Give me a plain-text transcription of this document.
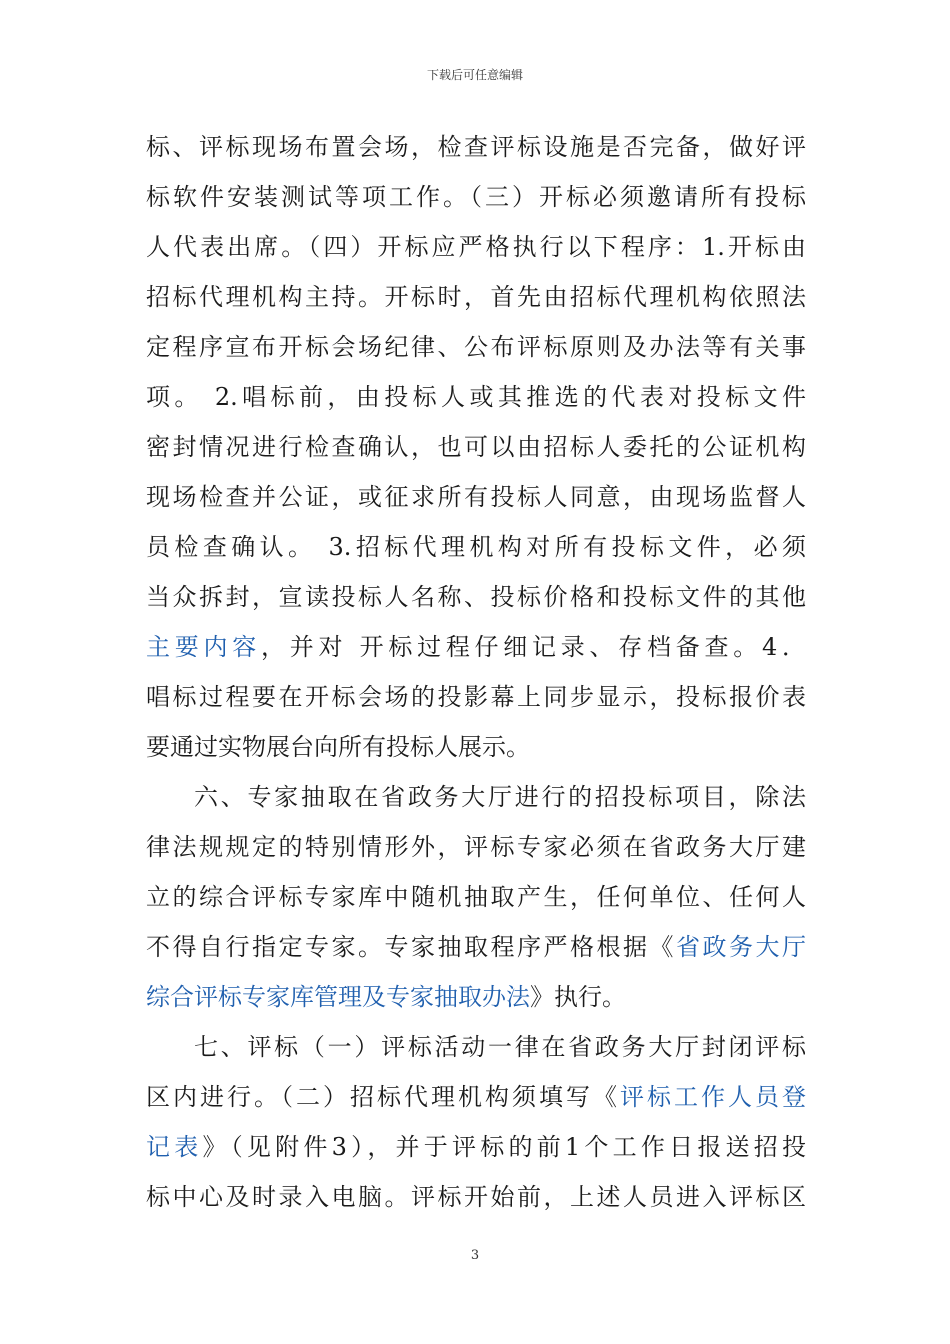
下载后可任意编辑
标、评标现场布置会场，检查评标设施是否完备，做好评
标软件安装测试等项工作。（三）开标必须邀请所有投标
人代表出席。（四）开标应严格执行以下程序：1.开标由
招标代理机构主持。开标时，首先由招标代理机构依照法
定程序宣布开标会场纪律、公布评标原则及办法等有关事
项。 2.唱标前，由投标人或其推选的代表对投标文件
密封情况进行检查确认，也可以由招标人委托的公证机构
现场检查并公证，或征求所有投标人同意，由现场监督人
员检查确认。 3.招标代理机构对所有投标文件，必须
当众拆封，宣读投标人名称、投标价格和投标文件的其他
主要内容，并对 开标过程仔细记录、存档备查。4．
唱标过程要在开标会场的投影幕上同步显示，投标报价表
要通过实物展台向所有投标人展示。
六、专家抽取在省政务大厅进行的招投标项目，除法
律法规规定的特别情形外，评标专家必须在省政务大厅建
立的综合评标专家库中随机抽取产生，任何单位、任何人
不得自行指定专家。专家抽取程序严格根据《省政务大厅
综合评标专家库管理及专家抽取办法》执行。
七、评标（一）评标活动一律在省政务大厅封闭评标
区内进行。（二）招标代理机构须填写《评标工作人员登
记表》（见附件3），并于评标的前1个工作日报送招投
标中心及时录入电脑。评标开始前，上述人员进入评标区
3
